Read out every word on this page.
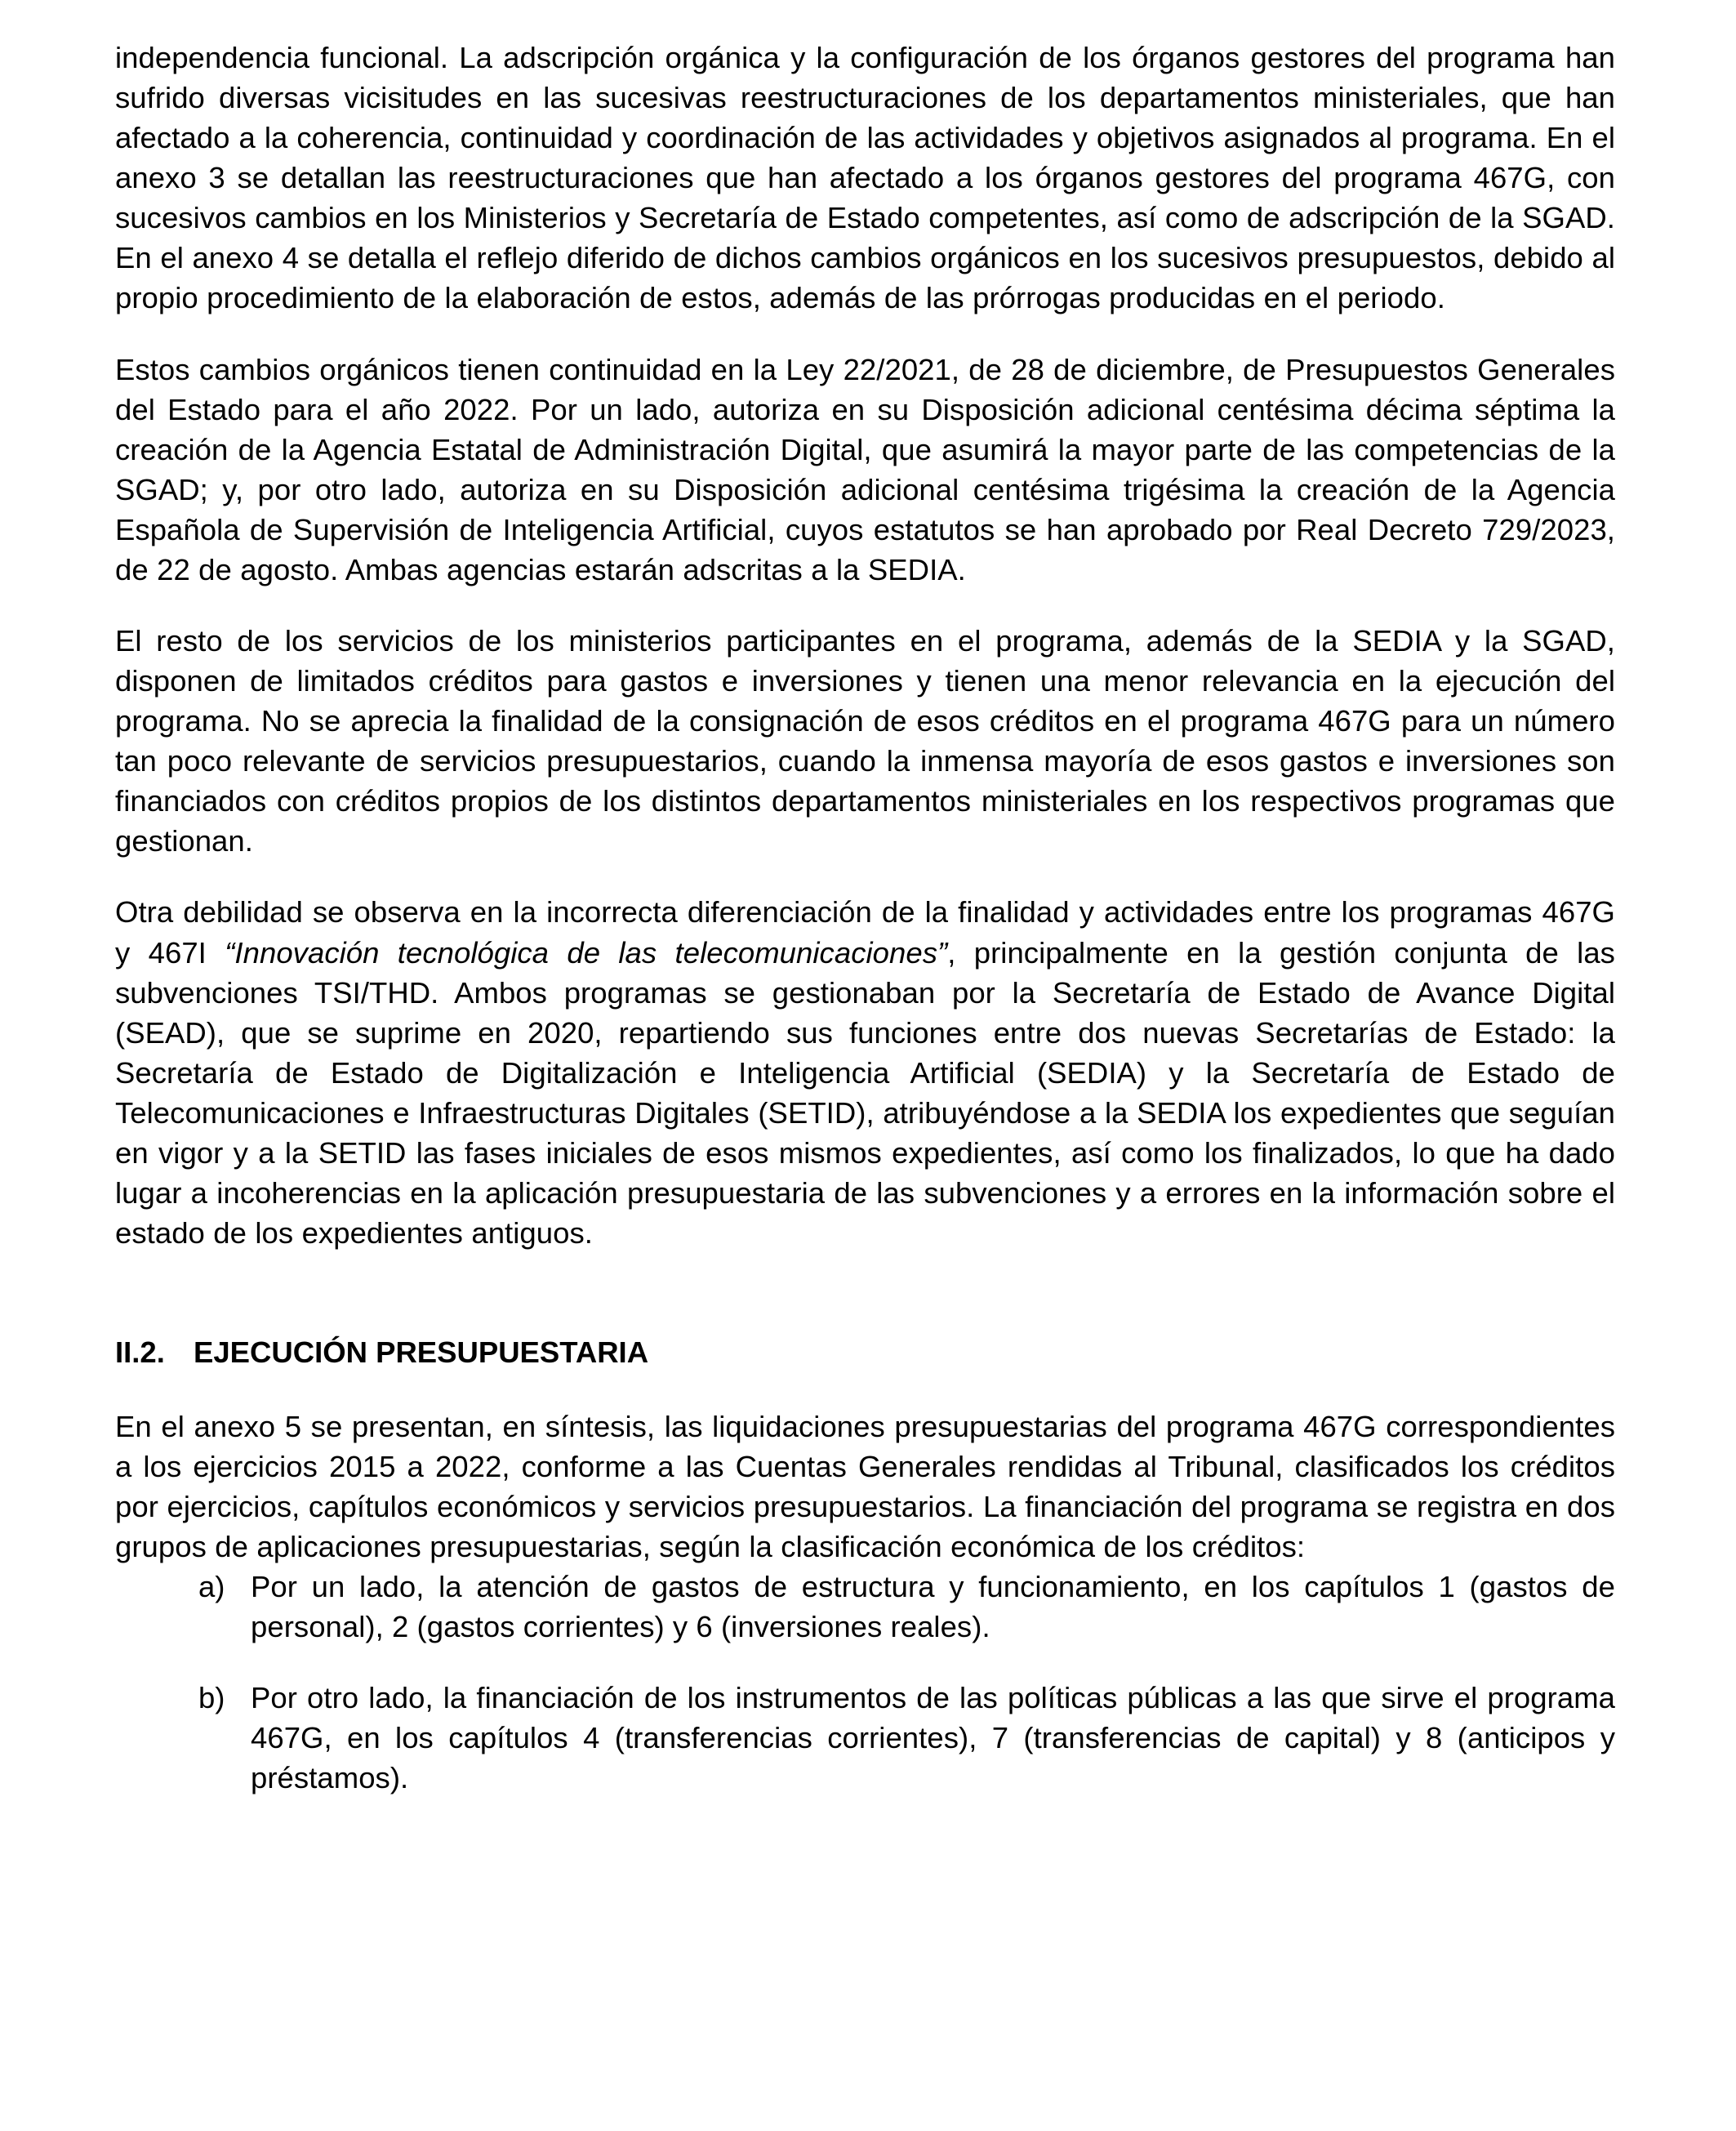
independencia funcional. La adscripción orgánica y la configuración de los órganos gestores del programa han sufrido diversas vicisitudes en las sucesivas reestructuraciones de los departamentos ministeriales, que han afectado a la coherencia, continuidad y coordinación de las actividades y objetivos asignados al programa. En el anexo 3 se detallan las reestructuraciones que han afectado a los órganos gestores del programa 467G, con sucesivos cambios en los Ministerios y Secretaría de Estado competentes, así como de adscripción de la SGAD. En el anexo 4 se detalla el reflejo diferido de dichos cambios orgánicos en los sucesivos presupuestos, debido al propio procedimiento de la elaboración de estos, además de las prórrogas producidas en el periodo.

Estos cambios orgánicos tienen continuidad en la Ley 22/2021, de 28 de diciembre, de Presupuestos Generales del Estado para el año 2022. Por un lado, autoriza en su Disposición adicional centésima décima séptima la creación de la Agencia Estatal de Administración Digital, que asumirá la mayor parte de las competencias de la SGAD; y, por otro lado, autoriza en su Disposición adicional centésima trigésima la creación de la Agencia Española de Supervisión de Inteligencia Artificial, cuyos estatutos se han aprobado por Real Decreto 729/2023, de 22 de agosto. Ambas agencias estarán adscritas a la SEDIA.

El resto de los servicios de los ministerios participantes en el programa, además de la SEDIA y la SGAD, disponen de limitados créditos para gastos e inversiones y tienen una menor relevancia en la ejecución del programa. No se aprecia la finalidad de la consignación de esos créditos en el programa 467G para un número tan poco relevante de servicios presupuestarios, cuando la inmensa mayoría de esos gastos e inversiones son financiados con créditos propios de los distintos departamentos ministeriales en los respectivos programas que gestionan.

Otra debilidad se observa en la incorrecta diferenciación de la finalidad y actividades entre los programas 467G y 467I “Innovación tecnológica de las telecomunicaciones”, principalmente en la gestión conjunta de las subvenciones TSI/THD. Ambos programas se gestionaban por la Secretaría de Estado de Avance Digital (SEAD), que se suprime en 2020, repartiendo sus funciones entre dos nuevas Secretarías de Estado: la Secretaría de Estado de Digitalización e Inteligencia Artificial (SEDIA) y la Secretaría de Estado de Telecomunicaciones e Infraestructuras Digitales (SETID), atribuyéndose a la SEDIA los expedientes que seguían en vigor y a la SETID las fases iniciales de esos mismos expedientes, así como los finalizados, lo que ha dado lugar a incoherencias en la aplicación presupuestaria de las subvenciones y a errores en la información sobre el estado de los expedientes antiguos.

II.2. EJECUCIÓN PRESUPUESTARIA

En el anexo 5 se presentan, en síntesis, las liquidaciones presupuestarias del programa 467G correspondientes a los ejercicios 2015 a 2022, conforme a las Cuentas Generales rendidas al Tribunal, clasificados los créditos por ejercicios, capítulos económicos y servicios presupuestarios. La financiación del programa se registra en dos grupos de aplicaciones presupuestarias, según la clasificación económica de los créditos:

a) Por un lado, la atención de gastos de estructura y funcionamiento, en los capítulos 1 (gastos de personal), 2 (gastos corrientes) y 6 (inversiones reales).
b) Por otro lado, la financiación de los instrumentos de las políticas públicas a las que sirve el programa 467G, en los capítulos 4 (transferencias corrientes), 7 (transferencias de capital) y 8 (anticipos y préstamos).
